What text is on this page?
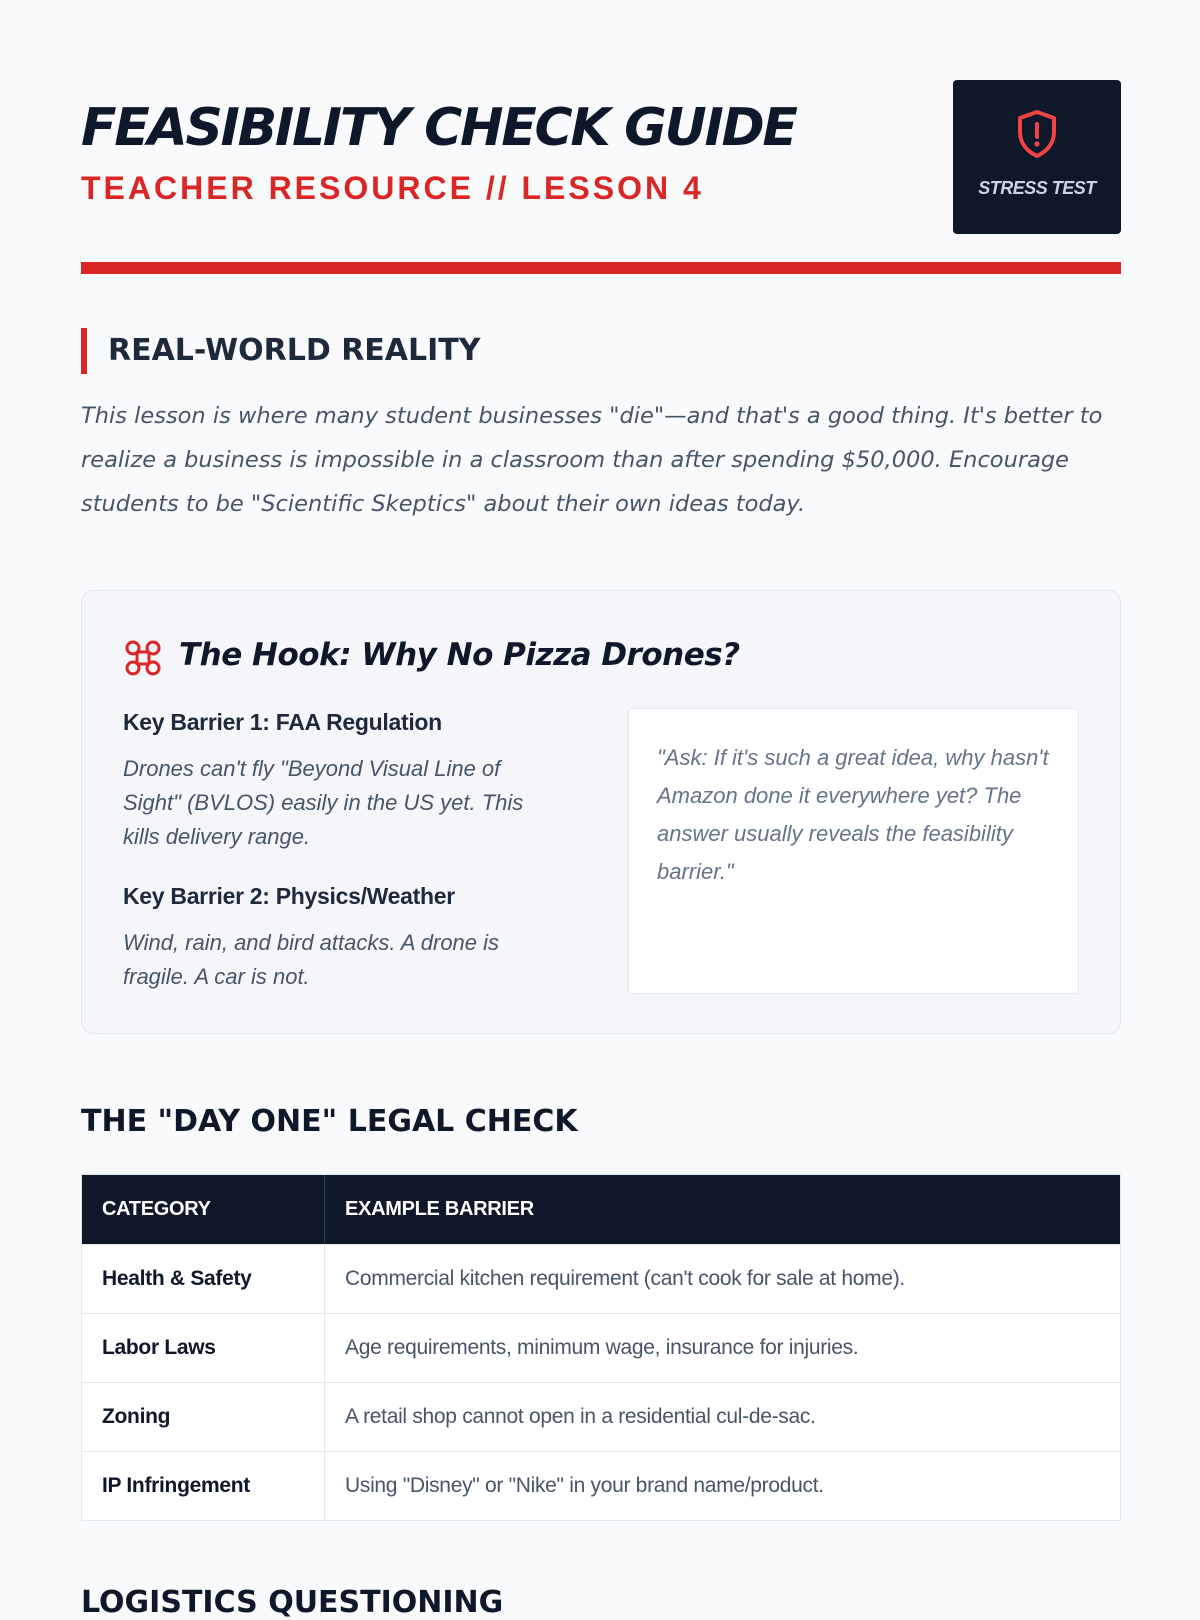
FEASIBILITY CHECK GUIDE
TEACHER RESOURCE // LESSON 4	STRESS TEST
REAL-WORLD REALITY
This lesson is where many student businesses "die"—and that's a good thing. It's better to realize a business is impossible in a classroom than after spending $50,000. Encourage students to be "Scientific Skeptics" about their own ideas today.
The Hook: Why No Pizza Drones?
Key Barrier 1: FAA Regulation
Drones can't fly "Beyond Visual Line of Sight" (BVLOS) easily in the US yet. This kills delivery range.
Key Barrier 2: Physics/Weather
Wind, rain, and bird attacks. A drone is fragile. A car is not.
"Ask: If it's such a great idea, why hasn't Amazon done it everywhere yet? The answer usually reveals the feasibility barrier."
THE "DAY ONE" LEGAL CHECK
CATEGORY	EXAMPLE BARRIER
Health & Safety	Commercial kitchen requirement (can't cook for sale at home).
Labor Laws	Age requirements, minimum wage, insurance for injuries.
Zoning	A retail shop cannot open in a residential cul-de-sac.
IP Infringement	Using "Disney" or "Nike" in your brand name/product.
LOGISTICS QUESTIONING
